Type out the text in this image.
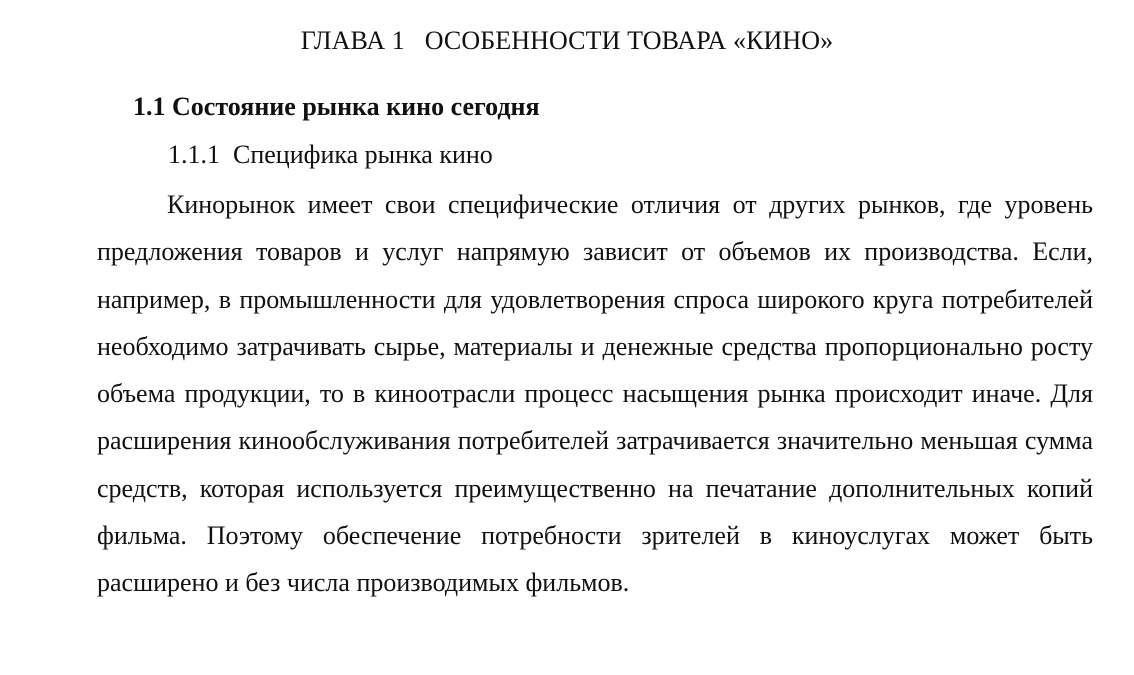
ГЛАВА 1   ОСОБЕННОСТИ ТОВАРА «КИНО»
1.1 Состояние рынка кино сегодня
1.1.1  Специфика рынка кино

Кинорынок имеет свои специфические отличия от других рынков, где уровень предложения товаров и услуг напрямую зависит от объемов их производства. Если, например, в промышленности для удовлетворения спроса широкого круга потребителей необходимо затрачивать сырье, материалы и денежные средства пропорционально росту объема продукции, то в киноотрасли процесс насыщения рынка происходит иначе. Для расширения кинообслуживания потребителей затрачивается значительно меньшая сумма средств, которая используется преимущественно на печатание дополнительных копий фильма. Поэтому обеспечение потребности зрителей в киноуслугах может быть расширено и без числа производимых фильмов.
